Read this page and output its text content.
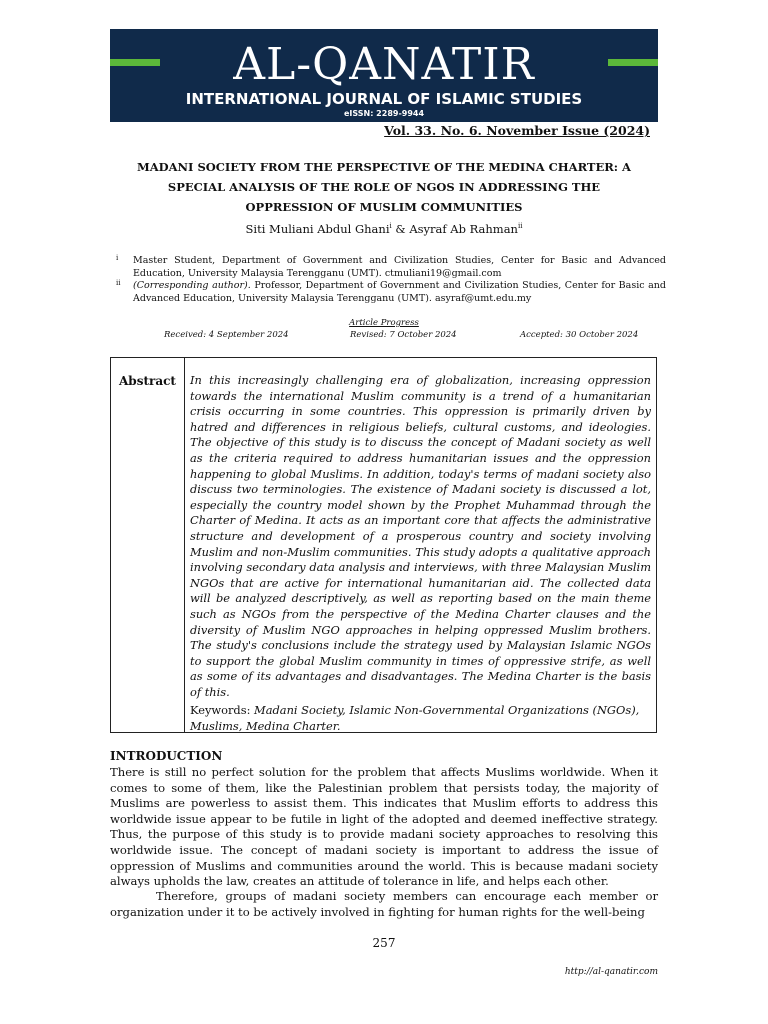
AL-QANATIR
INTERNATIONAL JOURNAL OF ISLAMIC STUDIES
eISSN: 2289-9944
Vol. 33. No. 6. November Issue (2024)
MADANI SOCIETY FROM THE PERSPECTIVE OF THE MEDINA CHARTER: A
SPECIAL ANALYSIS OF THE ROLE OF NGOS IN ADDRESSING THE
OPPRESSION OF MUSLIM COMMUNITIES
Siti Muliani Abdul Ghani$^i$ & Asyraf Ab Rahman$^{ii}$
i Master Student, Department of Government and Civilization Studies, Center for Basic and Advanced Education, University Malaysia Terengganu (UMT). ctmuliani19@gmail.com
ii (Corresponding author). Professor, Department of Government and Civilization Studies, Center for Basic and Advanced Education, University Malaysia Terengganu (UMT). asyraf@umt.edu.my
Article Progress
Received: 4 September 2024	Revised: 7 October 2024	Accepted: 30 October 2024
Abstract In this increasingly challenging era of globalization, increasing oppression towards the international Muslim community is a trend of a humanitarian crisis occurring in some countries. This oppression is primarily driven by hatred and differences in religious beliefs, cultural customs, and ideologies. The objective of this study is to discuss the concept of Madani society as well as the criteria required to address humanitarian issues and the oppression happening to global Muslims. In addition, today's terms of madani society also discuss two terminologies. The existence of Madani society is discussed a lot, especially the country model shown by the Prophet Muhammad through the Charter of Medina. It acts as an important core that affects the administrative structure and development of a prosperous country and society involving Muslim and non-Muslim communities. This study adopts a qualitative approach involving secondary data analysis and interviews, with three Malaysian Muslim NGOs that are active for international humanitarian aid. The collected data will be analyzed descriptively, as well as reporting based on the main theme such as NGOs from the perspective of the Medina Charter clauses and the diversity of Muslim NGO approaches in helping oppressed Muslim brothers. The study's conclusions include the strategy used by Malaysian Islamic NGOs to support the global Muslim community in times of oppressive strife, as well as some of its advantages and disadvantages. The Medina Charter is the basis of this.
Keywords: Madani Society, Islamic Non-Governmental Organizations (NGOs), Muslims, Medina Charter.
INTRODUCTION
There is still no perfect solution for the problem that affects Muslims worldwide. When it comes to some of them, like the Palestinian problem that persists today, the majority of Muslims are powerless to assist them. This indicates that Muslim efforts to address this worldwide issue appear to be futile in light of the adopted and deemed ineffective strategy. Thus, the purpose of this study is to provide madani society approaches to resolving this worldwide issue. The concept of madani society is important to address the issue of oppression of Muslims and communities around the world. This is because madani society always upholds the law, creates an attitude of tolerance in life, and helps each other.
Therefore, groups of madani society members can encourage each member or organization under it to be actively involved in fighting for human rights for the well-being
257
http://al-qanatir.com
